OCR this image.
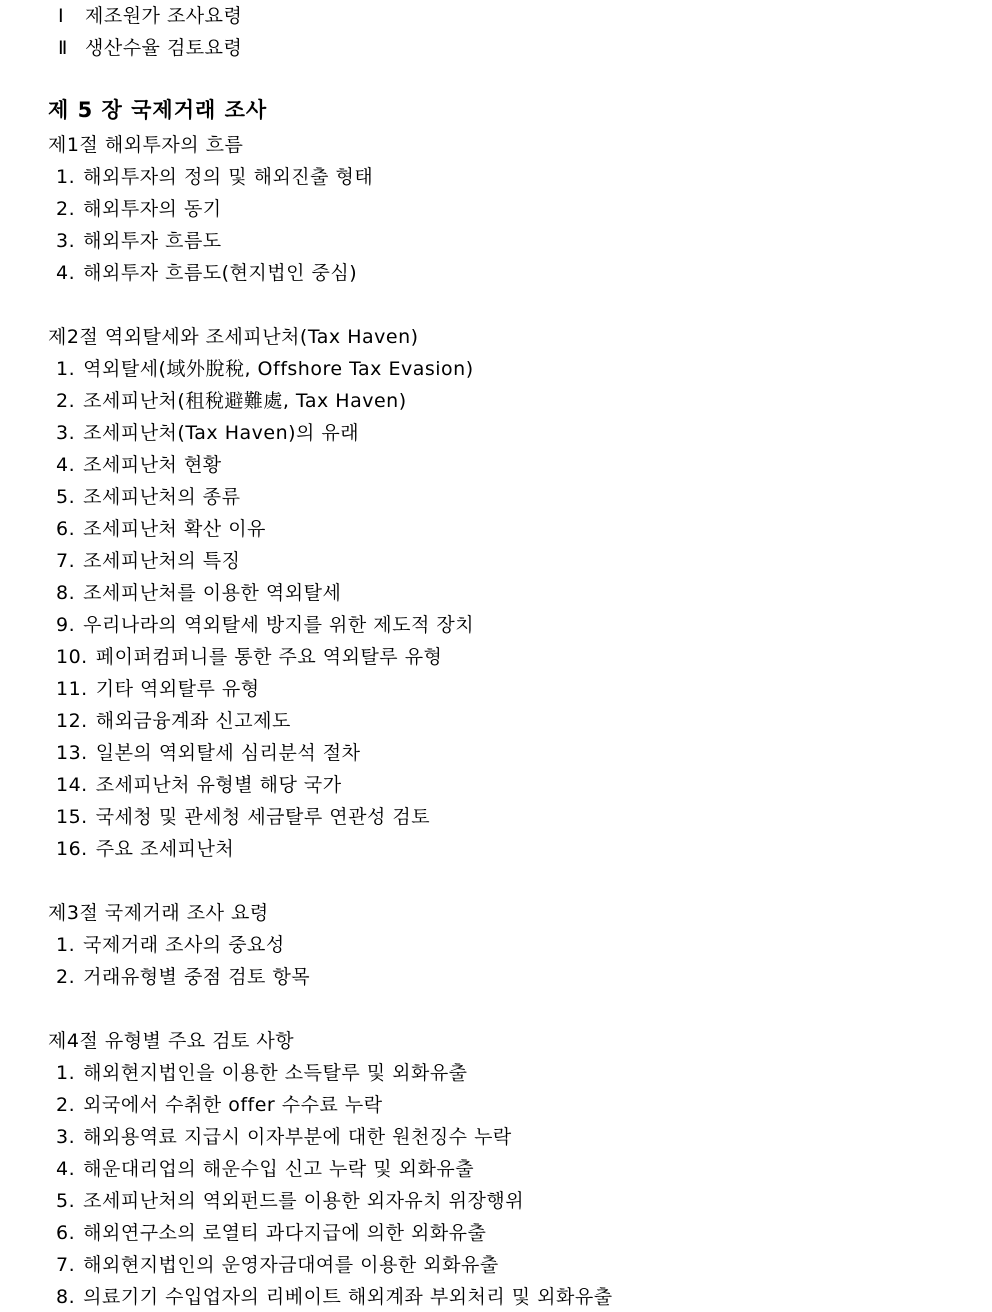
Ⅰ 제조원가 조사요령
Ⅱ 생산수율 검토요령
제 5 장 국제거래 조사
제1절 해외투자의 흐름
1. 해외투자의 정의 및 해외진출 형태
2. 해외투자의 동기
3. 해외투자 흐름도
4. 해외투자 흐름도(현지법인 중심)
제2절 역외탈세와 조세피난처(Tax Haven)
1. 역외탈세(域外脫稅, Offshore Tax Evasion)
2. 조세피난처(租稅避難處, Tax Haven)
3. 조세피난처(Tax Haven)의 유래
4. 조세피난처 현황
5. 조세피난처의 종류
6. 조세피난처 확산 이유
7. 조세피난처의 특징
8. 조세피난처를 이용한 역외탈세
9. 우리나라의 역외탈세 방지를 위한 제도적 장치
10. 페이퍼컴퍼니를 통한 주요 역외탈루 유형
11. 기타 역외탈루 유형
12. 해외금융계좌 신고제도
13. 일본의 역외탈세 심리분석 절차
14. 조세피난처 유형별 해당 국가
15. 국세청 및 관세청 세금탈루 연관성 검토
16. 주요 조세피난처
제3절 국제거래 조사 요령
1. 국제거래 조사의 중요성
2. 거래유형별 중점 검토 항목
제4절 유형별 주요 검토 사항
1. 해외현지법인을 이용한 소득탈루 및 외화유출
2. 외국에서 수취한 offer 수수료 누락
3. 해외용역료 지급시 이자부분에 대한 원천징수 누락
4. 해운대리업의 해운수입 신고 누락 및 외화유출
5. 조세피난처의 역외펀드를 이용한 외자유치 위장행위
6. 해외연구소의 로열티 과다지급에 의한 외화유출
7. 해외현지법인의 운영자금대여를 이용한 외화유출
8. 의료기기 수입업자의 리베이트 해외계좌 부외처리 및 외화유출
